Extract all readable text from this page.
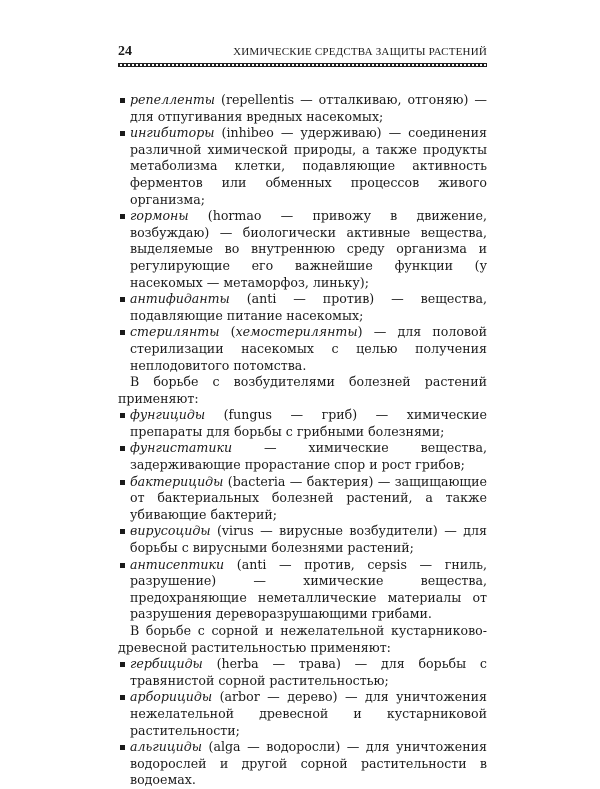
24	ХИМИЧЕСКИЕ СРЕДСТВА ЗАЩИТЫ РАСТЕНИЙ

репелленты (repellentis — отталкиваю, отгоняю) — для отпугивания вредных насекомых;

ингибиторы (inhibeo — удерживаю) — соединения различной химической природы, а также продукты метаболизма клетки, подавляющие активность ферментов или обменных процессов живого организма;

гормоны (hormao — привожу в движение, возбуждаю) — биологически активные вещества, выделяемые во внутреннюю среду организма и регулирующие его важнейшие функции (у насекомых — метаморфоз, линьку);

антифиданты (anti — против) — вещества, подавляющие питание насекомых;

стерилянты (хемостерилянты) — для половой стерилизации насекомых с целью получения неплодовитого потомства.

В борьбе с возбудителями болезней растений применяют:

фунгициды (fungus — гриб) — химические препараты для борьбы с грибными болезнями;

фунгистатики — химические вещества, задерживающие прорастание спор и рост грибов;

бактерициды (bacteria — бактерия) — защищающие от бактериальных болезней растений, а также убивающие бактерий;

вирусоциды (virus — вирусные возбудители) — для борьбы с вирусными болезнями растений;

антисептики (anti — против, cepsis — гниль, разрушение) — химические вещества, предохраняющие неметаллические материалы от разрушения дереворазрушающими грибами.

В борьбе с сорной и нежелательной кустарниково-древесной растительностью применяют:

гербициды (herba — трава) — для борьбы с травянистой сорной растительностью;

арборициды (arbor — дерево) — для уничтожения нежелательной древесной и кустарниковой растительности;

альгициды (alga — водоросли) — для уничтожения водорослей и другой сорной растительности в водоемах.
